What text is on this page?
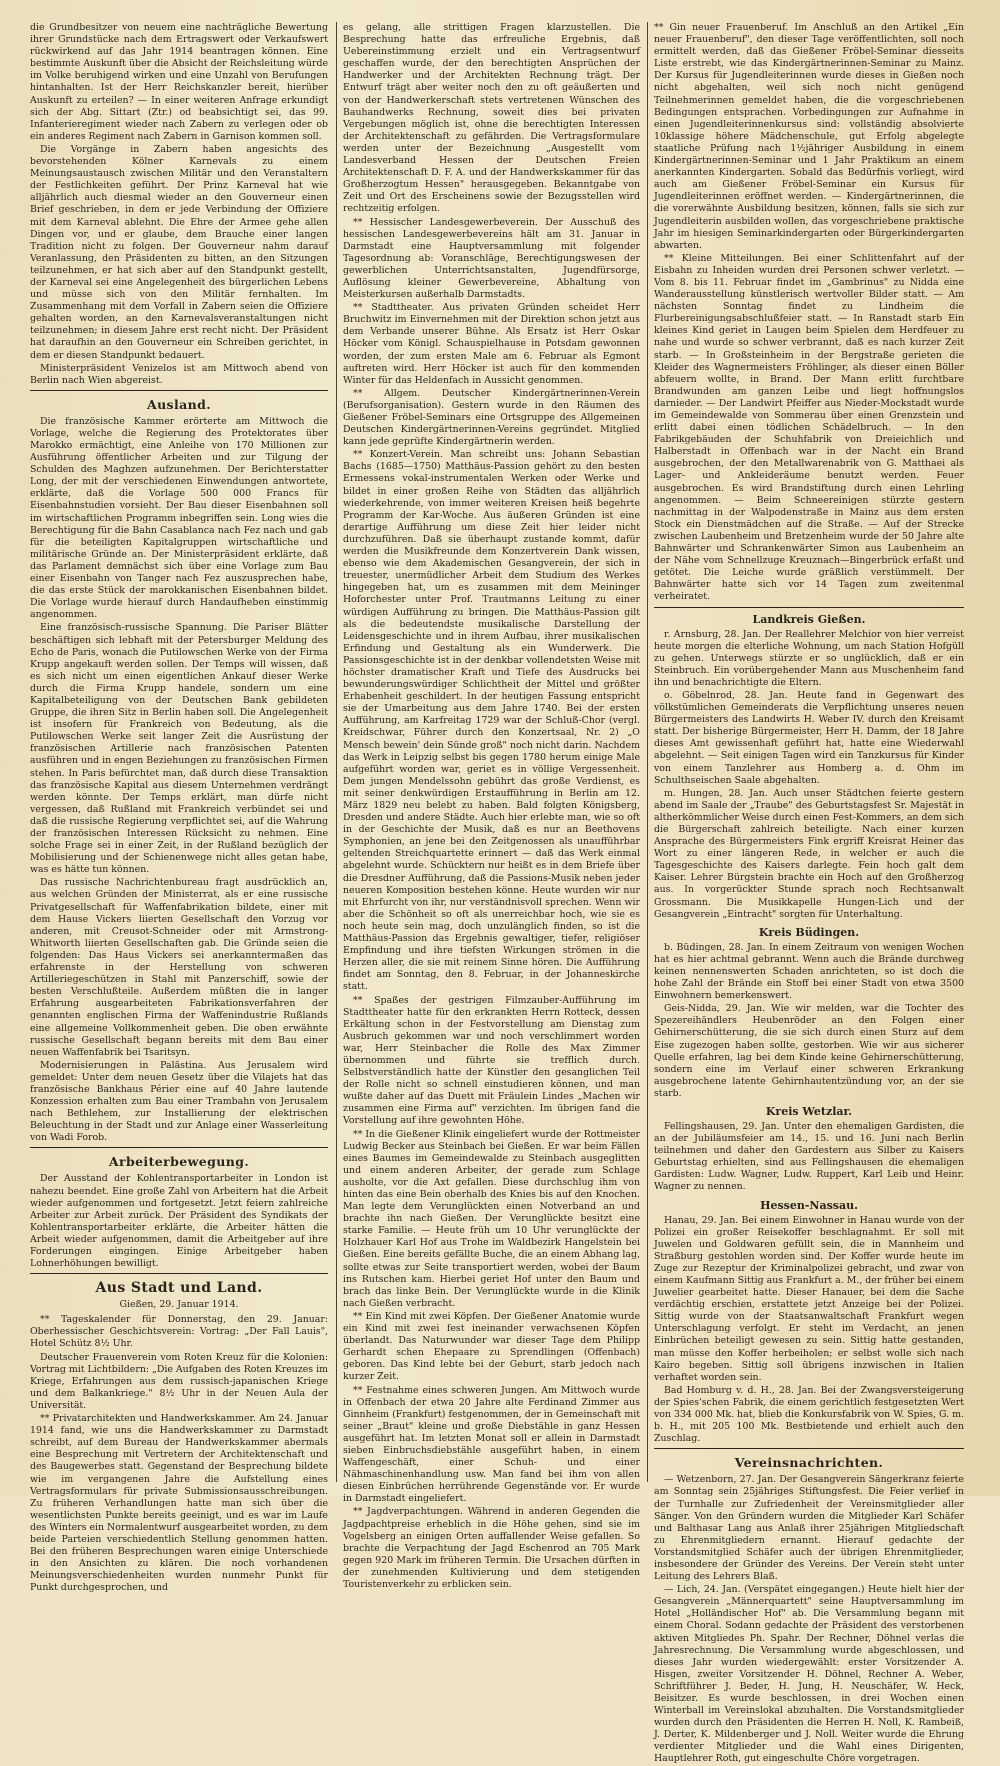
die Grundbesitzer von neuem eine nachträgliche Bewertung ihrer Grundstücke nach dem Ertragswert oder Verkaufswert rückwirkend auf das Jahr 1914 beantragen können. Eine bestimmte Auskunft über die Absicht der Reichsleitung würde im Volke beruhigend wirken und eine Unzahl von Berufungen hintanhalten. Ist der Herr Reichskanzler bereit, hierüber Auskunft zu erteilen? — In einer weiteren Anfrage erkundigt sich der Abg. Sittart (Ztr.) od beabsichtigt sei, das 99. Infanterieregiment wieder nach Zabern zu verlegen oder ob ein anderes Regiment nach Zabern in Garnison kommen soll.

Die Vorgänge in Zabern haben angesichts des bevorstehenden Kölner Karnevals zu einem Meinungsaustausch zwischen Militär und den Veranstaltern der Festlichkeiten geführt. Der Prinz Karneval hat wie alljährlich auch diesmal wieder an den Gouverneur einen Brief geschrieben, in dem er jede Verbindung der Offiziere mit dem Karneval ablehnt. Die Ehre der Armee gehe allen Dingen vor, und er glaube, dem Brauche einer langen Tradition nicht zu folgen. Der Gouverneur nahm darauf Veranlassung, den Präsidenten zu bitten, an den Sitzungen teilzunehmen, er hat sich aber auf den Standpunkt gestellt, der Karneval sei eine Angelegenheit des bürgerlichen Lebens und müsse sich von den Militär fernhalten. Im Zusammenhang mit dem Vorfall in Zabern seien die Offiziere gehalten worden, an den Karnevalsveranstaltungen nicht teilzunehmen; in diesem Jahre erst recht nicht. Der Präsident hat daraufhin an den Gouverneur ein Schreiben gerichtet, in dem er diesen Standpunkt bedauert.

Ministerpräsident Venizelos ist am Mittwoch abend von Berlin nach Wien abgereist.

Ausland.

Die französische Kammer erörterte am Mittwoch die Vorlage, welche die Regierung des Protektorates über Marokko ermächtigt, eine Anleihe von 170 Millionen zur Ausführung öffentlicher Arbeiten und zur Tilgung der Schulden des Maghzen aufzunehmen. Der Berichterstatter Long, der mit der verschiedenen Einwendungen antwortete, erklärte, daß die Vorlage 500 000 Francs für Eisenbahnstudien vorsieht. Der Bau dieser Eisenbahnen soll im wirtschaftlichen Programm inbegriffen sein. Long wies die Berechtigung für die Bahn Casablanca nach Fez nach und gab für die beteiligten Kapitalgruppen wirtschaftliche und militärische Gründe an. Der Ministerpräsident erklärte, daß das Parlament demnächst sich über eine Vorlage zum Bau einer Eisenbahn von Tanger nach Fez auszusprechen habe, die das erste Stück der marokkanischen Eisenbahnen bildet. Die Vorlage wurde hierauf durch Handaufheben einstimmig angenommen.

Eine französisch-russische Spannung. Die Pariser Blätter beschäftigen sich lebhaft mit der Petersburger Meldung des Echo de Paris, wonach die Putilowschen Werke von der Firma Krupp angekauft werden sollen. Der Temps will wissen, daß es sich nicht um einen eigentlichen Ankauf dieser Werke durch die Firma Krupp handele, sondern um eine Kapitalbeteiligung von der Deutschen Bank gebildeten Gruppe, die ihren Sitz in Berlin haben soll. Die Angelegenheit ist insofern für Frankreich von Bedeutung, als die Putilowschen Werke seit langer Zeit die Ausrüstung der französischen Artillerie nach französischen Patenten ausführen und in engen Beziehungen zu französischen Firmen stehen. In Paris befürchtet man, daß durch diese Transaktion das französische Kapital aus diesem Unternehmen verdrängt werden könnte. Der Temps erklärt, man dürfe nicht vergessen, daß Rußland mit Frankreich verbündet sei und daß die russische Regierung verpflichtet sei, auf die Wahrung der französischen Interessen Rücksicht zu nehmen. Eine solche Frage sei in einer Zeit, in der Rußland bezüglich der Mobilisierung und der Schienenwege nicht alles getan habe, was es hätte tun können.

Das russische Nachrichtenbureau fragt ausdrücklich an, aus welchen Gründen der Ministerrat, als er eine russische Privatgesellschaft für Waffenfabrikation bildete, einer mit dem Hause Vickers liierten Gesellschaft den Vorzug vor anderen, mit Creusot-Schneider oder mit Armstrong-Whitworth liierten Gesellschaften gab. Die Gründe seien die folgenden: Das Haus Vickers sei anerkanntermaßen das erfahrenste in der Herstellung von schweren Artilleriegeschützen in Stahl mit Panzerschiff, sowie der besten Verschlußteile. Außerdem müßten die in langer Erfahrung ausgearbeiteten Fabrikationsverfahren der genannten englischen Firma der Waffenindustrie Rußlands eine allgemeine Vollkommenheit geben. Die oben erwähnte russische Gesellschaft begann bereits mit dem Bau einer neuen Waffenfabrik bei Tsaritsyn.

Modernisierungen in Palästina. Aus Jerusalem wird gemeldet: Unter dem neuen Gesetz über die Vilajets hat das französische Bankhaus Périer eine auf 40 Jahre lautende Konzession erhalten zum Bau einer Trambahn von Jerusalem nach Bethlehem, zur Installierung der elektrischen Beleuchtung in der Stadt und zur Anlage einer Wasserleitung von Wadi Forob.

Arbeiterbewegung.

Der Ausstand der Kohlentransportarbeiter in London ist nahezu beendet. Eine große Zahl von Arbeitern hat die Arbeit wieder aufgenommen und fortgesetzt. Jetzt feiern zahlreiche Arbeiter zur Arbeit zurück. Der Präsident des Syndikats der Kohlentransportarbeiter erklärte, die Arbeiter hätten die Arbeit wieder aufgenommen, damit die Arbeitgeber auf ihre Forderungen eingingen. Einige Arbeitgeber haben Lohnerhöhungen bewilligt.

Aus Stadt und Land.
Gießen, 29. Januar 1914.

** Tageskalender für Donnerstag, den 29. Januar: Oberhessischer Geschichtsverein: Vortrag: „Der Fall Lauis", Hotel Schütz 8½ Uhr.

Deutscher Frauenverein vom Roten Kreuz für die Kolonien: Vortrag mit Lichtbildern: „Die Aufgaben des Roten Kreuzes im Kriege, Erfahrungen aus dem russisch-japanischen Kriege und dem Balkankriege." 8½ Uhr in der Neuen Aula der Universität.

** Privatarchitekten und Handwerkskammer. Am 24. Januar 1914 fand, wie uns die Handwerkskammer zu Darmstadt schreibt, auf dem Bureau der Handwerkskammer abermals eine Besprechung mit Vertretern der Architektenschaft und des Baugewerbes statt. Gegenstand der Besprechung bildete wie im vergangenen Jahre die Aufstellung eines Vertragsformulars für private Submissionsausschreibungen. Zu früheren Verhandlungen hatte man sich über die wesentlichsten Punkte bereits geeinigt, und es war im Laufe des Winters ein Normalentwurf ausgearbeitet worden, zu dem beide Parteien verschiedentlich Stellung genommen hatten. Bei den früheren Besprechungen waren einige Unterschiede in den Ansichten zu klären. Die noch vorhandenen Meinungsverschiedenheiten wurden nunmehr Punkt für Punkt durchgesprochen, und

es gelang, alle strittigen Fragen klarzustellen. Die Besprechung hatte das erfreuliche Ergebnis, daß Uebereinstimmung erzielt und ein Vertragsentwurf geschaffen wurde, der den berechtigten Ansprüchen der Handwerker und der Architekten Rechnung trägt. Der Entwurf trägt aber weiter noch den zu oft geäußerten und von der Handwerkerschaft stets vertretenen Wünschen des Bauhandwerks Rechnung, soweit dies bei privaten Vergebungen möglich ist, ohne die berechtigten Interessen der Architektenschaft zu gefährden. Die Vertragsformulare werden unter der Bezeichnung „Ausgestellt vom Landesverband Hessen der Deutschen Freien Architektenschaft D. F. A. und der Handwerkskammer für das Großherzogtum Hessen" herausgegeben. Bekanntgabe von Zeit und Ort des Erscheinens sowie der Bezugsstellen wird rechtzeitig erfolgen.

** Hessischer Landesgewerbeverein. Der Ausschuß des hessischen Landesgewerbevereins hält am 31. Januar in Darmstadt eine Hauptversammlung mit folgender Tagesordnung ab: Voranschläge, Berechtigungswesen der gewerblichen Unterrichtsanstalten, Jugendfürsorge, Auflösung kleiner Gewerbevereine, Abhaltung von Meisterkursen außerhalb Darmstadts.

** Stadttheater. Aus privaten Gründen scheidet Herr Bruchwitz im Einvernehmen mit der Direktion schon jetzt aus dem Verbande unserer Bühne. Als Ersatz ist Herr Oskar Höcker vom Königl. Schauspielhause in Potsdam gewonnen worden, der zum ersten Male am 6. Februar als Egmont auftreten wird. Herr Höcker ist auch für den kommenden Winter für das Heldenfach in Aussicht genommen.

** Allgem. Deutscher Kindergärtnerinnen-Verein (Berufsorganisation). Gestern wurde in den Räumen des Gießener Fröbel-Seminars eine Ortsgruppe des Allgemeinen Deutschen Kindergärtnerinnen-Vereins gegründet. Mitglied kann jede geprüfte Kindergärtnerin werden.

** Konzert-Verein. Man schreibt uns: Johann Sebastian Bachs (1685—1750) Matthäus-Passion gehört zu den besten Ermessens vokal-instrumentalen Werken oder Werke und bildet in einer großen Reihe von Städten das alljährlich wiederkehrende, von immer weiteren Kreisen heiß begehrte Programm der Kar-Woche. Aus äußeren Gründen ist eine derartige Aufführung um diese Zeit hier leider nicht durchzuführen. Daß sie überhaupt zustande kommt, dafür werden die Musikfreunde dem Konzertverein Dank wissen, ebenso wie dem Akademischen Gesangverein, der sich in treuester, unermüdlicher Arbeit dem Studium des Werkes hingegeben hat, um es zusammen mit dem Meininger Hoforchester unter Prof. Trautmanns Leitung zu einer würdigen Aufführung zu bringen. Die Matthäus-Passion gilt als die bedeutendste musikalische Darstellung der Leidensgeschichte und in ihrem Aufbau, ihrer musikalischen Erfindung und Gestaltung als ein Wunderwerk. Die Passionsgeschichte ist in der denkbar vollendetsten Weise mit höchster dramatischer Kraft und Tiefe des Ausdrucks bei bewunderungswürdiger Schlichtheit der Mittel und größter Erhabenheit geschildert. In der heutigen Fassung entspricht sie der Umarbeitung aus dem Jahre 1740. Bei der ersten Aufführung, am Karfreitag 1729 war der Schluß-Chor (vergl. Kreidschwar, Führer durch den Konzertsaal, Nr. 2) „O Mensch bewein' dein Sünde groß" noch nicht darin. Nachdem das Werk in Leipzig selbst bis gegen 1780 herum einige Male aufgeführt worden war, geriet es in völlige Vergessenheit. Dem jungen Mendelssohn gebührt das große Verdienst, es mit seiner denkwürdigen Erstaufführung in Berlin am 12. März 1829 neu belebt zu haben. Bald folgten Königsberg, Dresden und andere Städte. Auch hier erlebte man, wie so oft in der Geschichte der Musik, daß es nur an Beethovens Symphonien, an jene bei den Zeitgenossen als unaufführbar geltenden Streichquartette erinnert — daß das Werk einmal abgelehnt wurde. Schücktern nur heißt es in dem Briefe über die Dresdner Aufführung, daß die Passions-Musik neben jeder neueren Komposition bestehen könne. Heute wurden wir nur mit Ehrfurcht von ihr, nur verständnisvoll sprechen. Wenn wir aber die Schönheit so oft als unerreichbar hoch, wie sie es noch heute sein mag, doch unzulänglich finden, so ist die Matthäus-Passion das Ergebnis gewaltiger, tiefer, religiöser Empfindung und ihre tiefsten Wirkungen strömen in die Herzen aller, die sie mit reinem Sinne hören. Die Aufführung findet am Sonntag, den 8. Februar, in der Johanneskirche statt.

** Spaßes der gestrigen Filmzauber-Aufführung im Stadttheater hatte für den erkrankten Herrn Rotteck, dessen Erkältung schon in der Festvorstellung am Dienstag zum Ausbruch gekommen war und noch verschlimmert worden war, Herr Steinbacher die Rolle des Max Zimmer übernommen und führte sie trefflich durch. Selbstverständlich hatte der Künstler den gesanglichen Teil der Rolle nicht so schnell einstudieren können, und man wußte daher auf das Duett mit Fräulein Lindes „Machen wir zusammen eine Firma auf" verzichten. Im übrigen fand die Vorstellung auf ihre gewohnten Höhe.

** In die Gießener Klinik eingeliefert wurde der Rottmeister Ludwig Becker aus Steinbach bei Gießen. Er war beim Fällen eines Baumes im Gemeindewalde zu Steinbach ausgeglitten und einem anderen Arbeiter, der gerade zum Schlage ausholte, vor die Axt gefallen. Diese durchschlug ihm von hinten das eine Bein oberhalb des Knies bis auf den Knochen. Man legte dem Verunglückten einen Notverband an und brachte ihn nach Gießen. Der Verunglückte besitzt eine starke Familie. — Heute früh um 10 Uhr verunglückte der Holzhauer Karl Hof aus Trohe im Waldbezirk Hangelstein bei Gießen. Eine bereits gefällte Buche, die an einem Abhang lag, sollte etwas zur Seite transportiert werden, wobei der Baum ins Rutschen kam. Hierbei geriet Hof unter den Baum und brach das linke Bein. Der Verunglückte wurde in die Klinik nach Gießen verbracht.

** Ein Kind mit zwei Köpfen. Der Gießener Anatomie wurde ein Kind mit zwei fest ineinander verwachsenen Köpfen überlandt. Das Naturwunder war dieser Tage dem Philipp Gerhardt schen Ehepaare zu Sprendlingen (Offenbach) geboren. Das Kind lebte bei der Geburt, starb jedoch nach kurzer Zeit.

** Festnahme eines schweren Jungen. Am Mittwoch wurde in Offenbach der etwa 20 Jahre alte Ferdinand Zimmer aus Ginnheim (Frankfurt) festgenommen, der in Gemeinschaft mit seiner „Braut" kleine und große Diebstähle in ganz Hessen ausgeführt hat. Im letzten Monat soll er allein in Darmstadt sieben Einbruchsdiebstähle ausgeführt haben, in einem Waffengeschäft, einer Schuh- und einer Nähmaschinenhandlung usw. Man fand bei ihm von allen diesen Einbrüchen herrührende Gegenstände vor. Er wurde in Darmstadt eingeliefert.

** Jagdverpachtungen. Während in anderen Gegenden die Jagdpachtpreise erheblich in die Höhe gehen, sind sie im Vogelsberg an einigen Orten auffallender Weise gefallen. So brachte die Verpachtung der Jagd Eschenrod an 705 Mark gegen 920 Mark im früheren Termin. Die Ursachen dürften in der zunehmenden Kultivierung und dem stetigenden Touristenverkehr zu erblicken sein.

** Gin neuer Frauenberuf. Im Anschluß an den Artikel „Ein neuer Frauenberuf", den dieser Tage veröffentlichten, soll noch ermittelt werden, daß das Gießener Fröbel-Seminar diesseits Liste erstrebt, wie das Kindergärtnerinnen-Seminar zu Mainz. Der Kursus für Jugendleiterinnen wurde dieses in Gießen noch nicht abgehalten, weil sich noch nicht genügend Teilnehmerinnen gemeldet haben, die die vorgeschriebenen Bedingungen entsprachen. Vorbedingungen zur Aufnahme in einen Jugendleiterinnenkursus sind: vollständig absolvierte 10klassige höhere Mädchenschule, gut Erfolg abgelegte staatliche Prüfung nach 1½jähriger Ausbildung in einem Kindergärtnerinnen-Seminar und 1 Jahr Praktikum an einem anerkannten Kindergarten. Sobald das Bedürfnis vorliegt, wird auch am Gießener Fröbel-Seminar ein Kursus für Jugendleiterinnen eröffnet werden. — Kindergärtnerinnen, die die vorerwähnte Ausbildung besitzen, können, falls sie sich zur Jugendleiterin ausbilden wollen, das vorgeschriebene praktische Jahr im hiesigen Seminarkindergarten oder Bürgerkindergarten abwarten.

** Kleine Mitteilungen. Bei einer Schlittenfahrt auf der Eisbahn zu Inheiden wurden drei Personen schwer verletzt. — Vom 8. bis 11. Februar findet im „Gambrinus" zu Nidda eine Wanderausstellung künstlerisch wertvoller Bilder statt. — Am nächsten Sonntag findet zu Lindheim die Flurbereinigungsabschlußfeier statt. — In Ranstadt starb Ein kleines Kind geriet in Laugen beim Spielen dem Herdfeuer zu nahe und wurde so schwer verbrannt, daß es nach kurzer Zeit starb. — In Großsteinheim in der Bergstraße gerieten die Kleider des Wagnermeisters Fröhlinger, als dieser einen Böller abfeuern wollte, in Brand. Der Mann erlitt furchtbare Brandwunden am ganzen Leibe und liegt hoffnungslos darnieder. — Der Landwirt Pfeiffer aus Nieder-Mockstadt wurde im Gemeindewalde von Sommerau über einen Grenzstein und erlitt dabei einen tödlichen Schädelbruch. — In den Fabrikgebäuden der Schuhfabrik von Dreieichlich und Halberstadt in Offenbach war in der Nacht ein Brand ausgebrochen, der den Metallwarenabrik von G. Matthaei als Lager- und Ankleideräume benutzt werden. Feuer ausgebrochen. Es wird Brandstiftung durch einen Lehrling angenommen. — Beim Schneereinigen stürzte gestern nachmittag in der Walpodenstraße in Mainz aus dem ersten Stock ein Dienstmädchen auf die Straße. — Auf der Strecke zwischen Laubenheim und Bretzenheim wurde der 50 Jahre alte Bahnwärter und Schrankenwärter Simon aus Laubenheim an der Nähe vom Schnellzuge Kreuznach—Bingerbrück erfaßt und getötet. Die Leiche wurde gräßlich verstümmelt. Der Bahnwärter hatte sich vor 14 Tagen zum zweitenmal verheiratet.

Landkreis Gießen.

r. Arnsburg, 28. Jan. Der Reallehrer Melchior von hier verreist heute morgen die elterliche Wohnung, um nach Station Hofgüll zu gehen. Unterwegs stürzte er so unglücklich, daß er ein Steinbruch. Ein vorübergehender Mann aus Muschenheim fand ihn und benachrichtigte die Eltern.

o. Göbelnrod, 28. Jan. Heute fand in Gegenwart des völkstümlichen Gemeinderats die Verpflichtung unseres neuen Bürgermeisters des Landwirts H. Weber IV. durch den Kreisamt statt. Der bisherige Bürgermeister, Herr H. Damm, der 18 Jahre dieses Amt gewissenhaft geführt hat, hatte eine Wiederwahl abgelehnt. — Seit einigen Tagen wird ein Tanzkursus für Kinder von einem Tanzlehrer aus Homberg a. d. Ohm im Schulthseischen Saale abgehalten.

m. Hungen, 28. Jan. Auch unser Städtchen feierte gestern abend im Saale der „Traube" des Geburtstagsfest Sr. Majestät in altherkömmlicher Weise durch einen Fest-Kommers, an dem sich die Bürgerschaft zahlreich beteiligte. Nach einer kurzen Ansprache des Bürgermeisters Fink ergriff Kreisrat Heiner das Wort zu einer längeren Rede, in welcher er auch die Tagesgeschichte des Kaisers darlegte. Fein hoch galt dem Kaiser. Lehrer Bürgstein brachte ein Hoch auf den Großherzog aus. In vorgerückter Stunde sprach noch Rechtsanwalt Grossmann. Die Musikkapelle Hungen-Lich und der Gesangverein „Eintracht" sorgten für Unterhaltung.

Kreis Büdingen.

b. Büdingen, 28. Jan. In einem Zeitraum von wenigen Wochen hat es hier achtmal gebrannt. Wenn auch die Brände durchweg keinen nennenswerten Schaden anrichteten, so ist doch die hohe Zahl der Brände ein Stoff bei einer Stadt von etwa 3500 Einwohnern bemerkenswert.

Geis-Nidda, 29. Jan. Wie wir melden, war die Tochter des Spezereihändlers Heubenröder an den Folgen einer Gehirnerschütterung, die sie sich durch einen Sturz auf dem Eise zugezogen haben sollte, gestorben. Wie wir aus sicherer Quelle erfahren, lag bei dem Kinde keine Gehirnerschütterung, sondern eine im Verlauf einer schweren Erkrankung ausgebrochene latente Gehirnhautentzündung vor, an der sie starb.

Kreis Wetzlar.

Fellingshausen, 29. Jan. Unter den ehemaligen Gardisten, die an der Jubiläumsfeier am 14., 15. und 16. Juni nach Berlin teilnehmen und daher den Gardestern aus Silber zu Kaisers Geburtstag erhielten, sind aus Fellingshausen die ehemaligen Gardisten: Ludw. Wagner, Ludw. Ruppert, Karl Leib und Heinr. Wagner zu nennen.

Hessen-Nassau.

Hanau, 29. Jan. Bei einem Einwohner in Hanau wurde von der Polizei ein großer Reisekoffer beschlagnahmt. Er soll mit Juwelen und Goldwaren gefüllt sein, die in Mannheim und Straßburg gestohlen worden sind. Der Koffer wurde heute im Zuge zur Rezeptur der Kriminalpolizei gebracht, und zwar von einem Kaufmann Sittig aus Frankfurt a. M., der früher bei einem Juwelier gearbeitet hatte. Dieser Hanauer, bei dem die Sache verdächtig erschien, erstattete jetzt Anzeige bei der Polizei. Sittig wurde von der Staatsanwaltschaft Frankfurt wegen Unterschlagung verfolgt. Er steht im Verdacht, an jenen Einbrüchen beteiligt gewesen zu sein. Sittig hatte gestanden, man müsse den Koffer herbeiholen; er selbst wolle sich nach Kairo begeben. Sittig soll übrigens inzwischen in Italien verhaftet worden sein.

Bad Homburg v. d. H., 28. Jan. Bei der Zwangsversteigerung der Spies'schen Fabrik, die einem gerichtlich festgesetzten Wert von 334 000 Mk. hat, blieb die Konkursfabrik von W. Spies, G. m. b. H., mit 205 100 Mk. Bestbietende und erhielt auch den Zuschlag.

Vereinsnachrichten.

— Wetzenborn, 27. Jan. Der Gesangverein Sängerkranz feierte am Sonntag sein 25jähriges Stiftungsfest. Die Feier verlief in der Turnhalle zur Zufriedenheit der Vereinsmitglieder aller Sänger. Von den Gründern wurden die Mitglieder Karl Schäfer und Balthasar Lang aus Anlaß ihrer 25jährigen Mitgliedschaft zu Ehrenmitgliedern ernannt. Hierauf gedachte der Vorstandsmitglied Schäfer auch der übrigen Ehrenmitglieder, insbesondere der Gründer des Vereins. Der Verein steht unter Leitung des Lehrers Blaß.

— Lich, 24. Jan. (Verspätet eingegangen.) Heute hielt hier der Gesangverein „Männerquartett" seine Hauptversammlung im Hotel „Holländischer Hof" ab. Die Versammlung begann mit einem Choral. Sodann gedachte der Präsident des verstorbenen aktiven Mitgliedes Ph. Spahr. Der Rechner, Döhnel verlas die Jahresrechnung. Die Versammlung wurde abgeschlossen, und dieses Jahr wurden wiedergewählt: erster Vorsitzender A. Hisgen, zweiter Vorsitzender H. Döhnel, Rechner A. Weber, Schriftführer J. Beder, H. Jung, H. Neuschäfer, W. Heck, Beisitzer. Es wurde beschlossen, in drei Wochen einen Winterball im Vereinslokal abzuhalten. Die Vorstandsmitglieder wurden durch den Präsidenten die Herren H. Noll, K. Rambeiß, J. Derter, K. Mildenberger und J. Noll. Weiter wurde die Ehrung verdienter Mitglieder und die Wahl eines Dirigenten, Hauptlehrer Roth, gut eingeschulte Chöre vorgetragen.
